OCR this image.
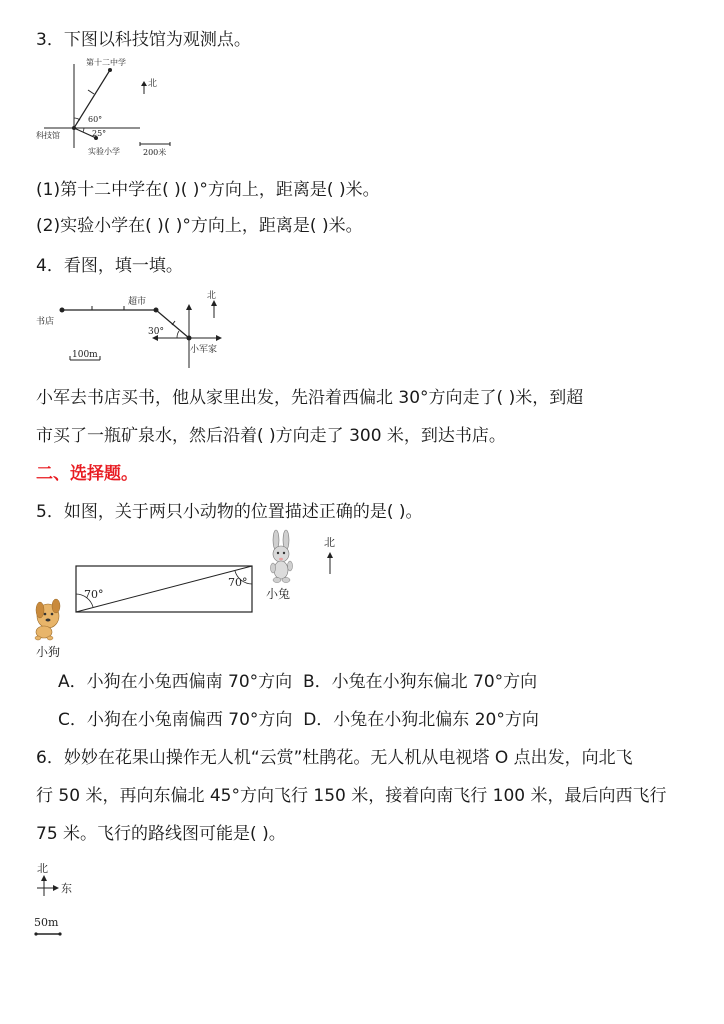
3．下图以科技馆为观测点。
第十二中学
北
60°
25°
科技馆
实验小学	200米
(1)第十二中学在( )( )°方向上，距离是( )米。
(2)实验小学在( )( )°方向上，距离是( )米。
4．看图，填一填。
北
超市
书店
30°
小军家
100m
小军去书店买书，他从家里出发，先沿着西偏北 30°方向走了( )米，到超
市买了一瓶矿泉水，然后沿着( )方向走了 300 米，到达书店。
二、选择题。
5．如图，关于两只小动物的位置描述正确的是( )。
70°
70°
小兔
北
小狗
A．小狗在小兔西偏南 70°方向 B．小兔在小狗东偏北 70°方向
C．小狗在小兔南偏西 70°方向 D．小兔在小狗北偏东 20°方向
6．妙妙在花果山操作无人机“云赏”杜鹃花。无人机从电视塔 O 点出发，向北飞
行 50 米，再向东偏北 45°方向飞行 150 米，接着向南飞行 100 米，最后向西飞行
75 米。飞行的路线图可能是( )。
北
东
50m
